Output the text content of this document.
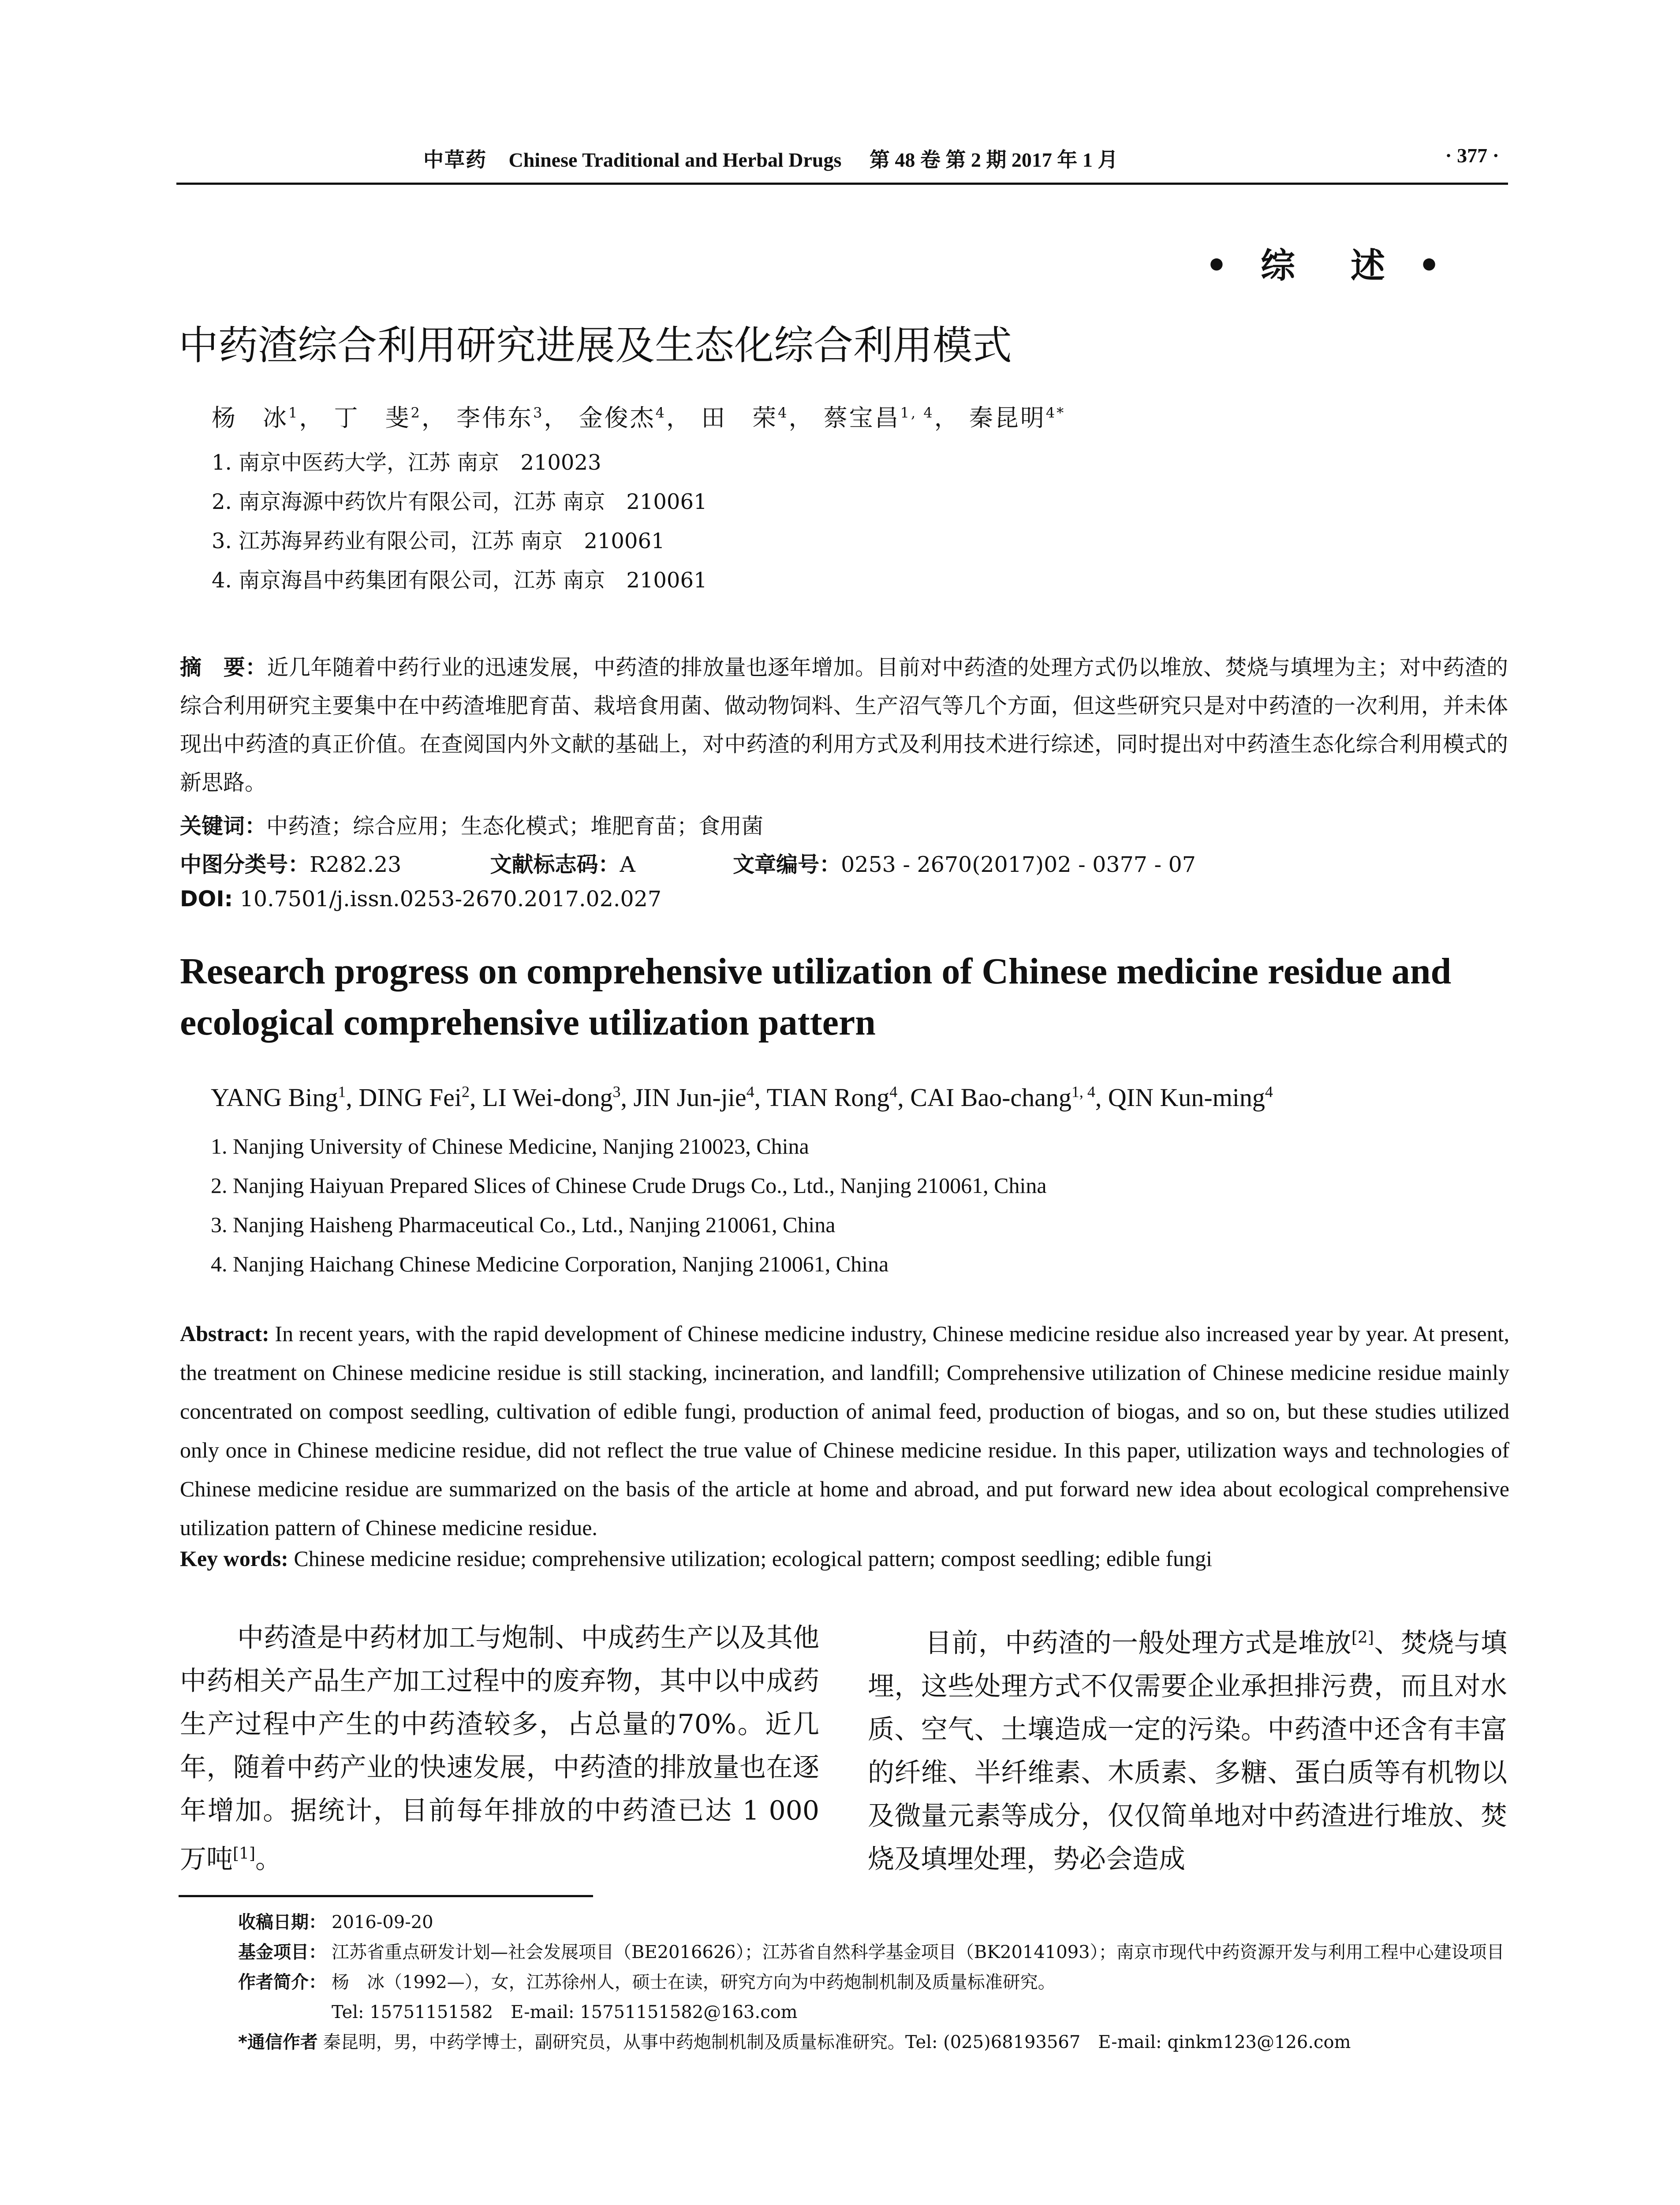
中草药 Chinese Traditional and Herbal Drugs 第 48 卷 第 2 期 2017 年 1 月	· 377 ·
• 综　述 •
中药渣综合利用研究进展及生态化综合利用模式
杨　冰$^1$， 丁　斐$^2$， 李伟东$^3$， 金俊杰$^4$， 田　荣$^4$， 蔡宝昌$^{1, 4}$， 秦昆明$^{4*}$
1. 南京中医药大学，江苏 南京　210023
2. 南京海源中药饮片有限公司，江苏 南京　210061
3. 江苏海昇药业有限公司，江苏 南京　210061
4. 南京海昌中药集团有限公司，江苏 南京　210061
摘　要：近几年随着中药行业的迅速发展，中药渣的排放量也逐年增加。目前对中药渣的处理方式仍以堆放、焚烧与填埋为主；对中药渣的综合利用研究主要集中在中药渣堆肥育苗、栽培食用菌、做动物饲料、生产沼气等几个方面，但这些研究只是对中药渣的一次利用，并未体现出中药渣的真正价值。在查阅国内外文献的基础上，对中药渣的利用方式及利用技术进行综述，同时提出对中药渣生态化综合利用模式的新思路。
关键词：中药渣；综合应用；生态化模式；堆肥育苗；食用菌
中图分类号：R282.23	文献标志码：A	文章编号：0253 - 2670(2017)02 - 0377 - 07
DOI: 10.7501/j.issn.0253-2670.2017.02.027
Research progress on comprehensive utilization of Chinese medicine residue and ecological comprehensive utilization pattern
YANG Bing$^1$, DING Fei$^2$, LI Wei-dong$^3$, JIN Jun-jie$^4$, TIAN Rong$^4$, CAI Bao-chang$^{1, 4}$, QIN Kun-ming$^4$
1. Nanjing University of Chinese Medicine, Nanjing 210023, China
2. Nanjing Haiyuan Prepared Slices of Chinese Crude Drugs Co., Ltd., Nanjing 210061, China
3. Nanjing Haisheng Pharmaceutical Co., Ltd., Nanjing 210061, China
4. Nanjing Haichang Chinese Medicine Corporation, Nanjing 210061, China
Abstract: In recent years, with the rapid development of Chinese medicine industry, Chinese medicine residue also increased year by year. At present, the treatment on Chinese medicine residue is still stacking, incineration, and landfill; Comprehensive utilization of Chinese medicine residue mainly concentrated on compost seedling, cultivation of edible fungi, production of animal feed, production of biogas, and so on, but these studies utilized only once in Chinese medicine residue, did not reflect the true value of Chinese medicine residue. In this paper, utilization ways and technologies of Chinese medicine residue are summarized on the basis of the article at home and abroad, and put forward new idea about ecological comprehensive utilization pattern of Chinese medicine residue.
Key words: Chinese medicine residue; comprehensive utilization; ecological pattern; compost seedling; edible fungi
中药渣是中药材加工与炮制、中成药生产以及其他中药相关产品生产加工过程中的废弃物，其中以中成药生产过程中产生的中药渣较多，占总量的70%。近几年，随着中药产业的快速发展，中药渣的排放量也在逐年增加。据统计，目前每年排放的中药渣已达 1 000 万吨[1]。
目前，中药渣的一般处理方式是堆放[2]、焚烧与填埋，这些处理方式不仅需要企业承担排污费，而且对水质、空气、土壤造成一定的污染。中药渣中还含有丰富的纤维、半纤维素、木质素、多糖、蛋白质等有机物以及微量元素等成分，仅仅简单地对中药渣进行堆放、焚烧及填埋处理，势必会造成
收稿日期： 2016-09-20
基金项目： 江苏省重点研发计划—社会发展项目（BE2016626）；江苏省自然科学基金项目（BK20141093）；南京市现代中药资源开发与利用工程中心建设项目
作者简介： 杨　冰（1992—），女，江苏徐州人，硕士在读，研究方向为中药炮制机制及质量标准研究。
Tel: 15751151582　E-mail: 15751151582@163.com
*通信作者 秦昆明，男，中药学博士，副研究员，从事中药炮制机制及质量标准研究。Tel: (025)68193567　E-mail: qinkm123@126.com
